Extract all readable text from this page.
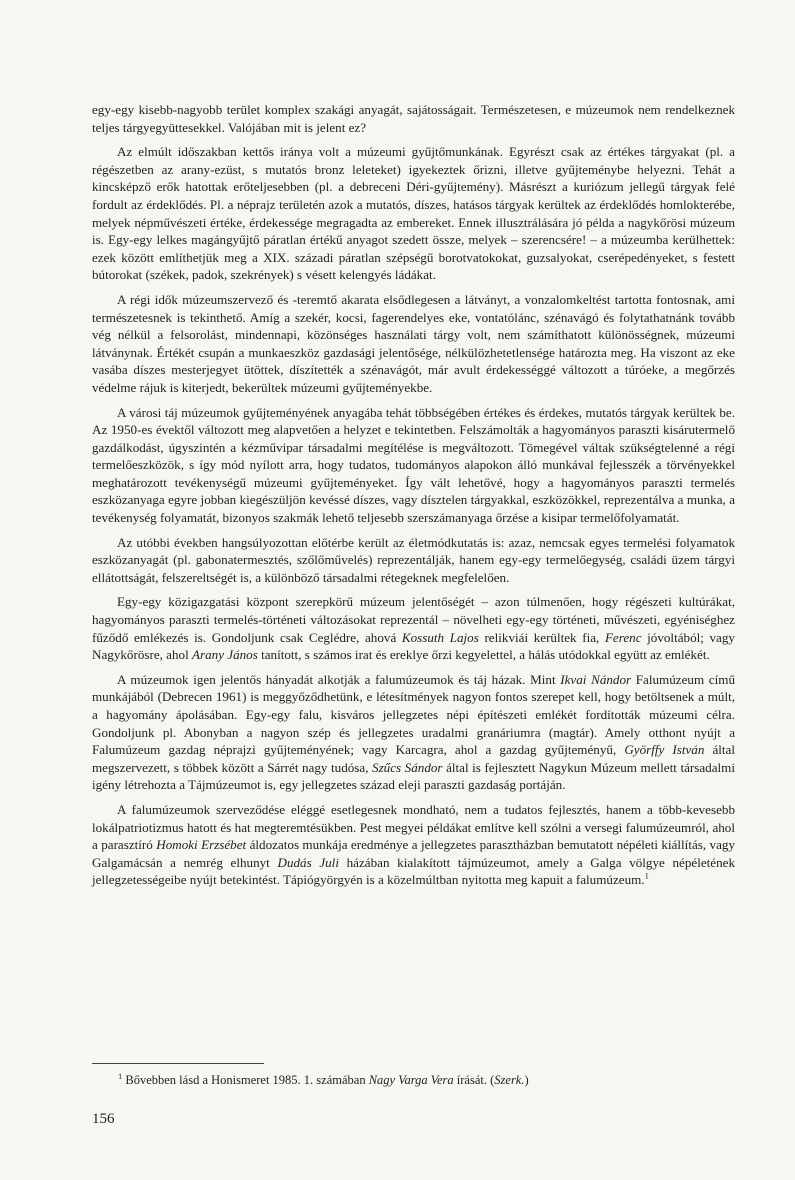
egy-egy kisebb-nagyobb terület komplex szakági anyagát, sajátosságait. Természetesen, e múzeumok nem rendelkeznek teljes tárgyegyüttesekkel. Valójában mit is jelent ez?

Az elmúlt időszakban kettős iránya volt a múzeumi gyűjtőmunkának. Egyrészt csak az értékes tárgyakat (pl. a régészetben az arany-ezüst, s mutatós bronz leleteket) igyekeztek őrizni, illetve gyűjteménybe helyezni. Tehát a kincsképző erők hatottak erőteljesebben (pl. a debreceni Déri-gyűjtemény). Másrészt a kuriózum jellegű tárgyak felé fordult az érdeklődés. Pl. a néprajz területén azok a mutatós, díszes, hatásos tárgyak kerültek az érdeklődés homlokterébe, melyek népművészeti értéke, érdekessége megragadta az embereket. Ennek illusztrálására jó példa a nagykőrösi múzeum is. Egy-egy lelkes magángyűjtő páratlan értékű anyagot szedett össze, melyek – szerencsére! – a múzeumba kerülhettek: ezek között említhetjük meg a XIX. századi páratlan szépségű borotvatokokat, guzsalyokat, cserépedényeket, s festett bútorokat (székek, padok, szekrények) s vésett kelengyés ládákat.

A régi idők múzeumszervező és -teremtő akarata elsődlegesen a látványt, a vonzalomkeltést tartotta fontosnak, ami természetesnek is tekinthető. Amíg a szekér, kocsi, fagerendelyes eke, vontatólánc, szénavágó és folytathatnánk tovább vég nélkül a felsorolást, mindennapi, közönséges használati tárgy volt, nem számíthatott különösségnek, múzeumi látványnak. Értékét csupán a munkaeszköz gazdasági jelentősége, nélkülözhetetlensége határozta meg. Ha viszont az eke vasába díszes mesterjegyet ütöttek, díszítették a szénavágót, már avult érdekességgé változott a túróeke, a megőrzés védelme rájuk is kiterjedt, bekerültek múzeumi gyűjteményekbe.

A városi táj múzeumok gyűjteményének anyagába tehát többségében értékes és érdekes, mutatós tárgyak kerültek be. Az 1950-es évektől változott meg alapvetően a helyzet e tekintetben. Felszámolták a hagyományos paraszti kisárutermelő gazdálkodást, úgyszintén a kézművipar társadalmi megítélése is megváltozott. Tömegével váltak szükségtelenné a régi termelőeszközök, s így mód nyílott arra, hogy tudatos, tudományos alapokon álló munkával fejlesszék a törvényekkel meghatározott tevékenységű múzeumi gyűjteményeket. Így vált lehetővé, hogy a hagyományos paraszti termelés eszközanyaga egyre jobban kiegészüljön kevéssé díszes, vagy dísztelen tárgyakkal, eszközökkel, reprezentálva a munka, a tevékenység folyamatát, bizonyos szakmák lehető teljesebb szerszámanyaga őrzése a kisipar termelőfolyamatát.

Az utóbbi években hangsúlyozottan előtérbe került az életmódkutatás is: azaz, nemcsak egyes termelési folyamatok eszközanyagát (pl. gabonatermesztés, szőlőművelés) reprezentálják, hanem egy-egy termelőegység, családi üzem tárgyi ellátottságát, felszereltségét is, a különböző társadalmi rétegeknek megfelelően.

Egy-egy közigazgatási központ szerepkörű múzeum jelentőségét – azon túlmenően, hogy régészeti kultúrákat, hagyományos paraszti termelés-történeti változásokat reprezentál – növelheti egy-egy történeti, művészeti, egyéniséghez fűződő emlékezés is. Gondoljunk csak Ceglédre, ahová Kossuth Lajos relikviái kerültek fia, Ferenc jóvoltából; vagy Nagykőrösre, ahol Arany János tanított, s számos irat és ereklye őrzi kegyelettel, a hálás utódokkal együtt az emlékét.

A múzeumok igen jelentős hányadát alkotják a falumúzeumok és táj házak. Mint Ikvai Nándor Falumúzeum című munkájából (Debrecen 1961) is meggyőződhetünk, e létesítmények nagyon fontos szerepet kell, hogy betöltsenek a múlt, a hagyomány ápolásában. Egy-egy falu, kisváros jellegzetes népi építészeti emlékét fordították múzeumi célra. Gondoljunk pl. Abonyban a nagyon szép és jellegzetes uradalmi granáriumra (magtár). Amely otthont nyújt a Falumúzeum gazdag néprajzi gyűjteményének; vagy Karcagra, ahol a gazdag gyűjteményű, Györffy István által megszervezett, s többek között a Sárrét nagy tudósa, Szűcs Sándor által is fejlesztett Nagykun Múzeum mellett társadalmi igény létrehozta a Tájmúzeumot is, egy jellegzetes század eleji paraszti gazdaság portáján.

A falumúzeumok szerveződése eléggé esetlegesnek mondható, nem a tudatos fejlesztés, hanem a több-kevesebb lokálpatriotizmus hatott és hat megteremtésükben. Pest megyei példákat említve kell szólni a versegi falumúzeumról, ahol a parasztíró Homoki Erzsébet áldozatos munkája eredménye a jellegzetes parasztházban bemutatott népéleti kiállítás, vagy Galgamácsán a nemrég elhunyt Dudás Juli házában kialakított tájmúzeumot, amely a Galga völgye népéletének jellegzetességeibe nyújt betekintést. Tápiógyörgyén is a közelmúltban nyitotta meg kapuit a falumúzeum.$^1$

$^1$ Bővebben lásd a Honismeret 1985. 1. számában Nagy Varga Vera írását. (Szerk.)
156
